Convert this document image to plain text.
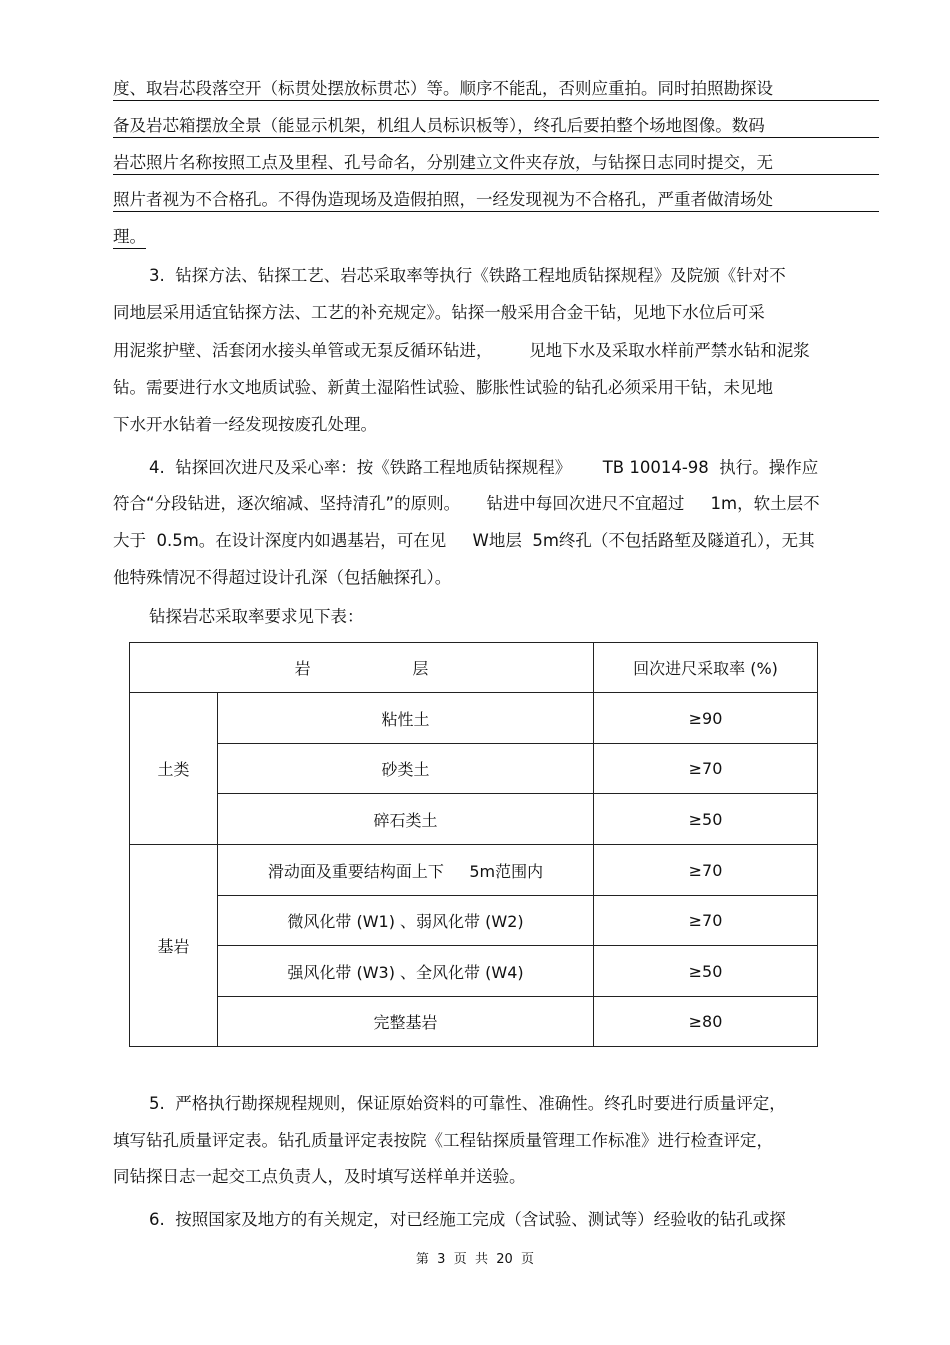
度、取岩芯段落空开（标贯处摆放标贯芯）等。顺序不能乱，否则应重拍。同时拍照勘探设
备及岩芯箱摆放全景（能显示机架，机组人员标识板等），终孔后要拍整个场地图像。数码
岩芯照片名称按照工点及里程、孔号命名，分别建立文件夹存放，与钻探日志同时提交，无
照片者视为不合格孔。不得伪造现场及造假拍照，一经发现视为不合格孔，严重者做清场处
理。
3.  钻探方法、钻探工艺、岩芯采取率等执行《铁路工程地质钻探规程》及院颁《针对不
同地层采用适宜钻探方法、工艺的补充规定》。钻探一般采用合金干钻，见地下水位后可采
用泥浆护壁、活套闭水接头单管或无泵反循环钻进，       见地下水及采取水样前严禁水钻和泥浆
钻。需要进行水文地质试验、新黄土湿陷性试验、膨胀性试验的钻孔必须采用干钻，未见地
下水开水钻着一经发现按废孔处理。
4.  钻探回次进尺及采心率：按《铁路工程地质钻探规程》      TB 10014-98  执行。操作应
符合“分段钻进，逐次缩减、坚持清孔”的原则。     钻进中每回次进尺不宜超过     1m，软土层不
大于  0.5m。在设计深度内如遇基岩，可在见     W地层  5m终孔（不包括路堑及隧道孔），无其
他特殊情况不得超过设计孔深（包括触探孔）。
钻探岩芯采取率要求见下表：
岩                    层		回次进尺采取率 (%)
土类	粘性土	≥90
	砂类土	≥70
	碎石类土	≥50
基岩	滑动面及重要结构面上下     5m范围内	≥70
	微风化带 (W1) 、弱风化带 (W2)	≥70
	强风化带 (W3) 、全风化带 (W4)	≥50
	完整基岩	≥80
5.  严格执行勘探规程规则，保证原始资料的可靠性、准确性。终孔时要进行质量评定，
填写钻孔质量评定表。钻孔质量评定表按院《工程钻探质量管理工作标准》进行检查评定，
同钻探日志一起交工点负责人，及时填写送样单并送验。
6.  按照国家及地方的有关规定，对已经施工完成（含试验、测试等）经验收的钻孔或探
第  3  页  共  20  页
